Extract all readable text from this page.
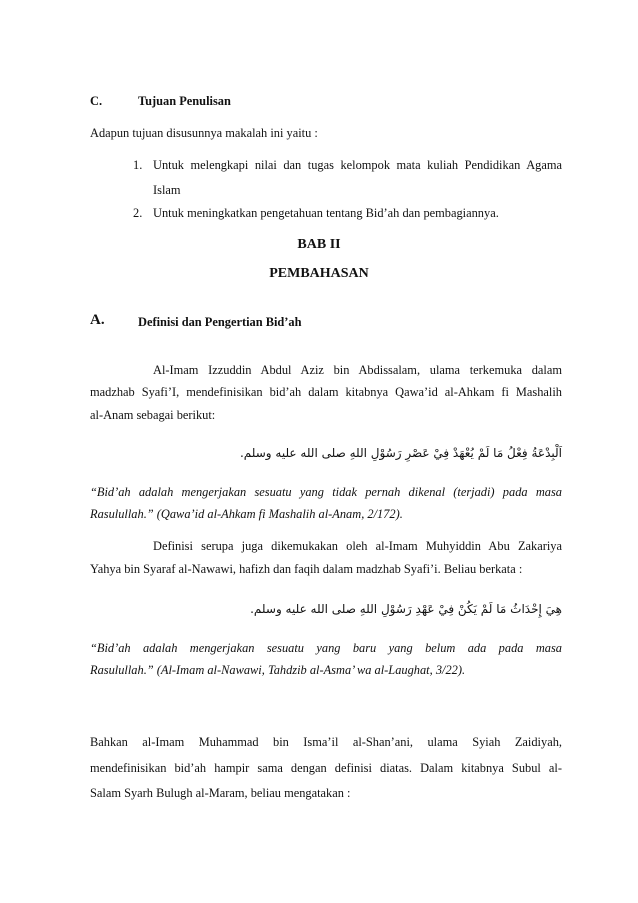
C.	Tujuan Penulisan
Adapun tujuan disusunnya makalah ini yaitu :
1. Untuk melengkapi nilai dan tugas kelompok mata kuliah Pendidikan Agama
Islam
2. Untuk meningkatkan pengetahuan tentang Bid’ah dan pembagiannya.
BAB II
PEMBAHASAN
A.	Definisi dan Pengertian Bid’ah
Al-Imam Izzuddin Abdul Aziz bin Abdissalam, ulama terkemuka dalam
madzhab Syafi’I, mendefinisikan bid’ah dalam kitabnya Qawa’id al-Ahkam fi Mashalih
al-Anam sebagai berikut:
اَلْبِدْعَةُ فِعْلُ مَا لَمْ يُعْهَدْ فِيْ عَصْرِ رَسُوْلِ اللهِ صلى الله عليه وسلم.
“Bid’ah adalah mengerjakan sesuatu yang tidak pernah dikenal (terjadi) pada masa
Rasulullah.” (Qawa’id al-Ahkam fi Mashalih al-Anam, 2/172).
Definisi serupa juga dikemukakan oleh al-Imam Muhyiddin Abu Zakariya
Yahya bin Syaraf al-Nawawi, hafizh dan faqih dalam madzhab Syafi’i. Beliau berkata :
هِيَ إِحْدَاثُ مَا لَمْ يَكُنْ فِيْ عَهْدِ رَسُوْلِ اللهِ صلى الله عليه وسلم.
“Bid’ah adalah mengerjakan sesuatu yang baru yang belum ada pada masa
Rasulullah.” (Al-Imam al-Nawawi, Tahdzib al-Asma’ wa al-Laughat, 3/22).
Bahkan al-Imam Muhammad bin Isma’il al-Shan’ani, ulama Syiah Zaidiyah,
mendefinisikan bid’ah hampir sama dengan definisi diatas. Dalam kitabnya Subul al-
Salam Syarh Bulugh al-Maram, beliau mengatakan :
